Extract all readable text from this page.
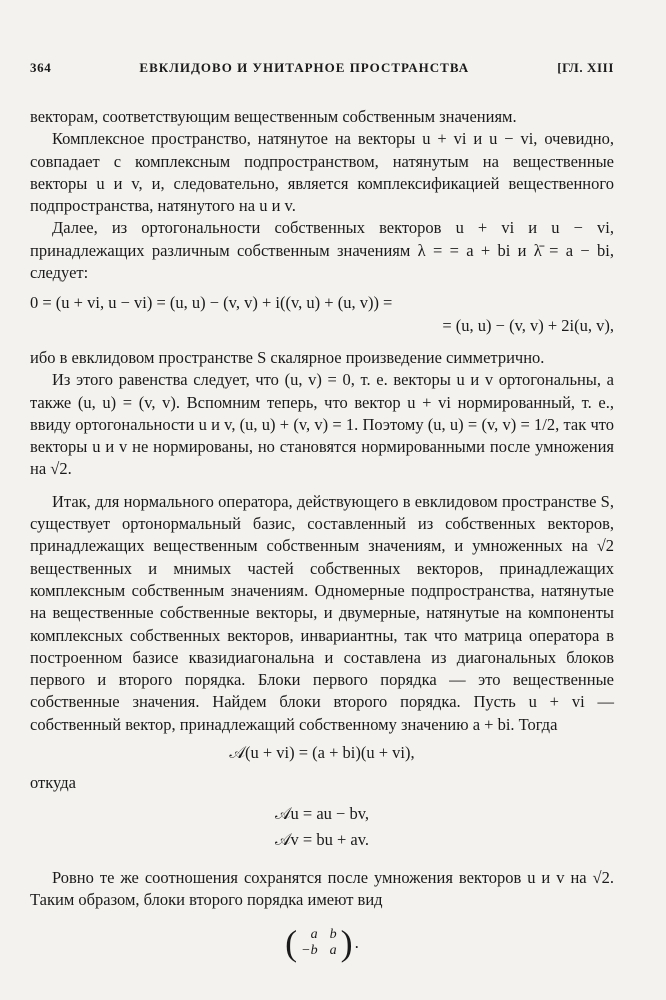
364	ЕВКЛИДОВО И УНИТАРНОЕ ПРОСТРАНСТВА	[ГЛ. XIII

векторам, соответствующим вещественным собственным значениям.

Комплексное пространство, натянутое на векторы u + vi и u − vi, очевидно, совпадает с комплексным подпространством, натянутым на вещественные векторы u и v, и, следовательно, является комплексификацией вещественного подпространства, натянутого на u и v.

Далее, из ортогональности собственных векторов u + vi и u − vi, принадлежащих различным собственным значениям λ = = a + bi и λ̄ = a − bi, следует:

0 = (u + vi, u − vi) = (u, u) − (v, v) + i((v, u) + (u, v)) =
= (u, u) − (v, v) + 2i(u, v),

ибо в евклидовом пространстве S скалярное произведение симметрично.

Из этого равенства следует, что (u, v) = 0, т. е. векторы u и v ортогональны, а также (u, u) = (v, v). Вспомним теперь, что вектор u + vi нормированный, т. е., ввиду ортогональности u и v, (u, u) + (v, v) = 1. Поэтому (u, u) = (v, v) = 1/2, так что векторы u и v не нормированы, но становятся нормированными после умножения на √2.

Итак, для нормального оператора, действующего в евклидовом пространстве S, существует ортонормальный базис, составленный из собственных векторов, принадлежащих вещественным собственным значениям, и умноженных на √2 вещественных и мнимых частей собственных векторов, принадлежащих комплексным собственным значениям. Одномерные подпространства, натянутые на вещественные собственные векторы, и двумерные, натянутые на компоненты комплексных собственных векторов, инвариантны, так что матрица оператора в построенном базисе квазидиагональна и составлена из диагональных блоков первого и второго порядка. Блоки первого порядка — это вещественные собственные значения. Найдем блоки второго порядка. Пусть u + vi — собственный вектор, принадлежащий собственному значению a + bi. Тогда

𝒜(u + vi) = (a + bi)(u + vi),
откуда
𝒜u = au − bv,
𝒜v = bu + av.

Ровно те же соотношения сохранятся после умножения векторов u и v на √2. Таким образом, блоки второго порядка имеют вид

( a b
−b a ) .
